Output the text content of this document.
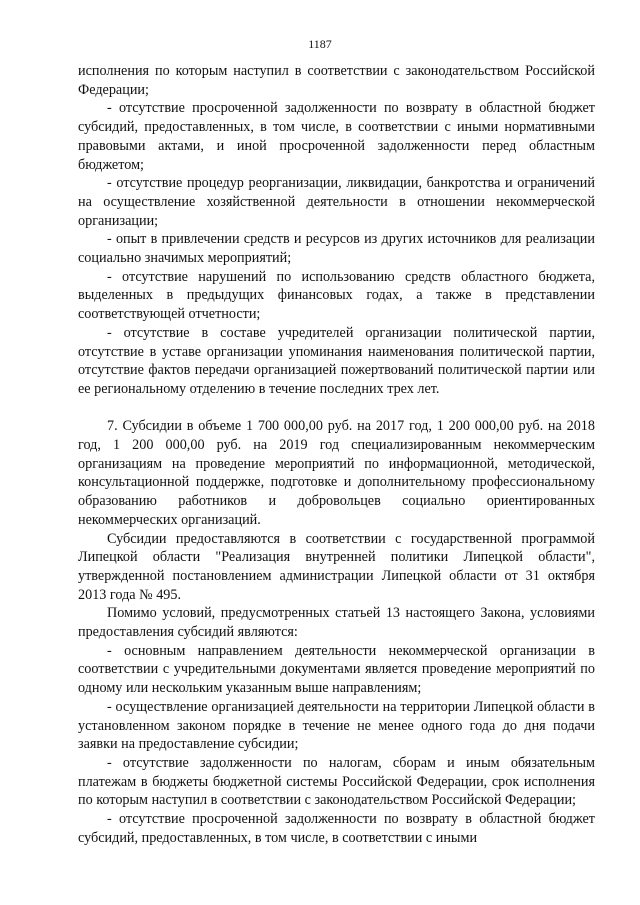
1187

исполнения по которым наступил в соответствии с законодательством Российской Федерации;

- отсутствие просроченной задолженности по возврату в областной бюджет субсидий, предоставленных, в том числе, в соответствии с иными нормативными правовыми актами, и иной просроченной задолженности перед областным бюджетом;

- отсутствие процедур реорганизации, ликвидации, банкротства и ограничений на осуществление хозяйственной деятельности в отношении некоммерческой организации;

- опыт в привлечении средств и ресурсов из других источников для реализации социально значимых мероприятий;

- отсутствие нарушений по использованию средств областного бюджета, выделенных в предыдущих финансовых годах, а также в представлении соответствующей отчетности;

- отсутствие в составе учредителей организации политической партии, отсутствие в уставе организации упоминания наименования политической партии, отсутствие фактов передачи организацией пожертвований политической партии или ее региональному отделению в течение последних трех лет.

7. Субсидии в объеме 1 700 000,00 руб. на 2017 год, 1 200 000,00 руб. на 2018 год, 1 200 000,00 руб. на 2019 год специализированным некоммерческим организациям на проведение мероприятий по информационной, методической, консультационной поддержке, подготовке и дополнительному профессиональному образованию работников и добровольцев социально ориентированных некоммерческих организаций.

Субсидии предоставляются в соответствии с государственной программой Липецкой области "Реализация внутренней политики Липецкой области", утвержденной постановлением администрации Липецкой области от 31 октября 2013 года № 495.

Помимо условий, предусмотренных статьей 13 настоящего Закона, условиями предоставления субсидий являются:

- основным направлением деятельности некоммерческой организации в соответствии с учредительными документами является проведение мероприятий по одному или нескольким указанным выше направлениям;

- осуществление организацией деятельности на территории Липецкой области в установленном законом порядке в течение не менее одного года до дня подачи заявки на предоставление субсидии;

- отсутствие задолженности по налогам, сборам и иным обязательным платежам в бюджеты бюджетной системы Российской Федерации, срок исполнения по которым наступил в соответствии с законодательством Российской Федерации;

- отсутствие просроченной задолженности по возврату в областной бюджет субсидий, предоставленных, в том числе, в соответствии с иными
